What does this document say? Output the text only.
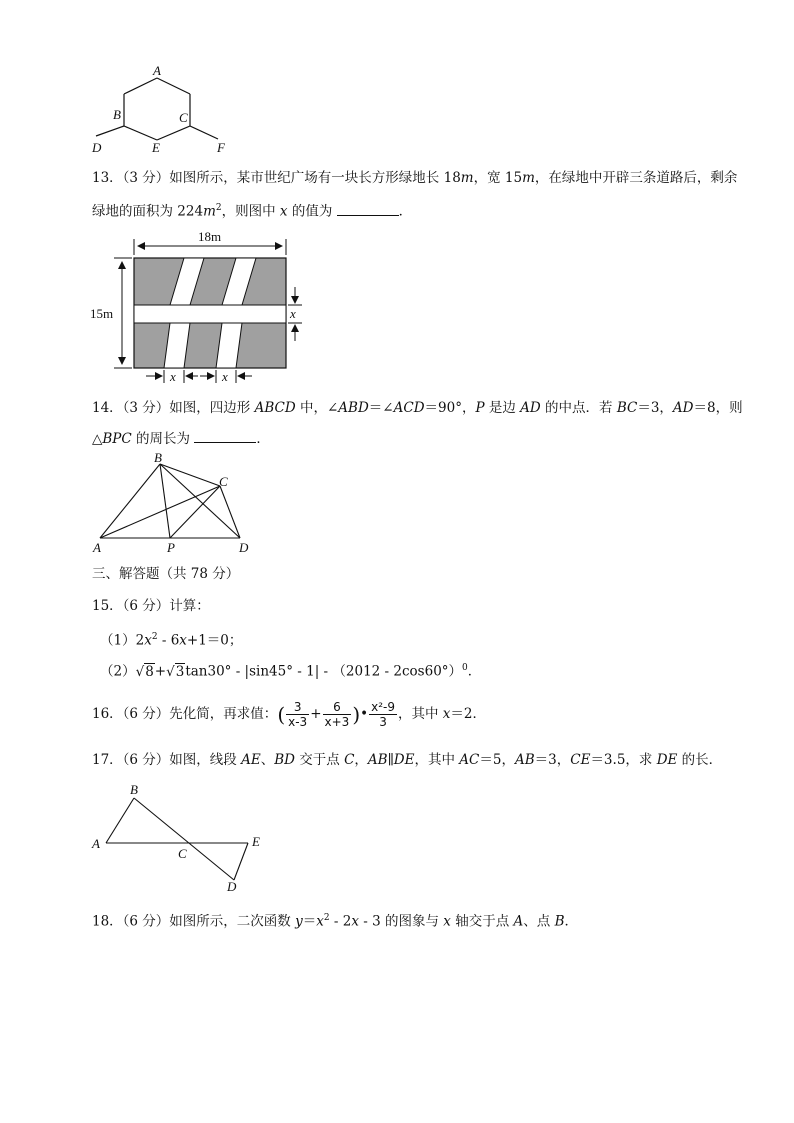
A
B	C
D	E	F
13．（3 分）如图所示，某市世纪广场有一块长方形绿地长 18m，宽 15m，在绿地中开辟三条道路后，剩余
绿地的面积为 $224m^2$，则图中 x 的值为	．
18m
15m	x
x	x
14．（3 分）如图，四边形 ABCD 中，∠ABD＝∠ACD＝90°，P 是边 AD 的中点．若 BC＝3，AD＝8，则
△BPC 的周长为	．
B
C
A	P	D
三、解答题（共 78 分）
15．（6 分）计算：
$(1)2x^2 - 6x+1=0$；
（2）√8+√3tan30° - |sin45° - 1| - （2012 - 2cos60°）$^0$．
16．（6 分）先化简，再求值：( $\frac{3}{x-3} + \frac{6}{x+3}$ )• $\frac{\text{x²-9}}{3}$ ，其中 x＝2．
17．（6 分）如图，线段 AE、BD 交于点 C，AB∥DE，其中 AC＝5，AB＝3，CE＝3.5，求 DE 的长．
B
A
C
E
D
18．（6 分）如图所示，二次函数 $y=x^2 - 2x - 3$ 的图象与 x 轴交于点 A、点 B．
